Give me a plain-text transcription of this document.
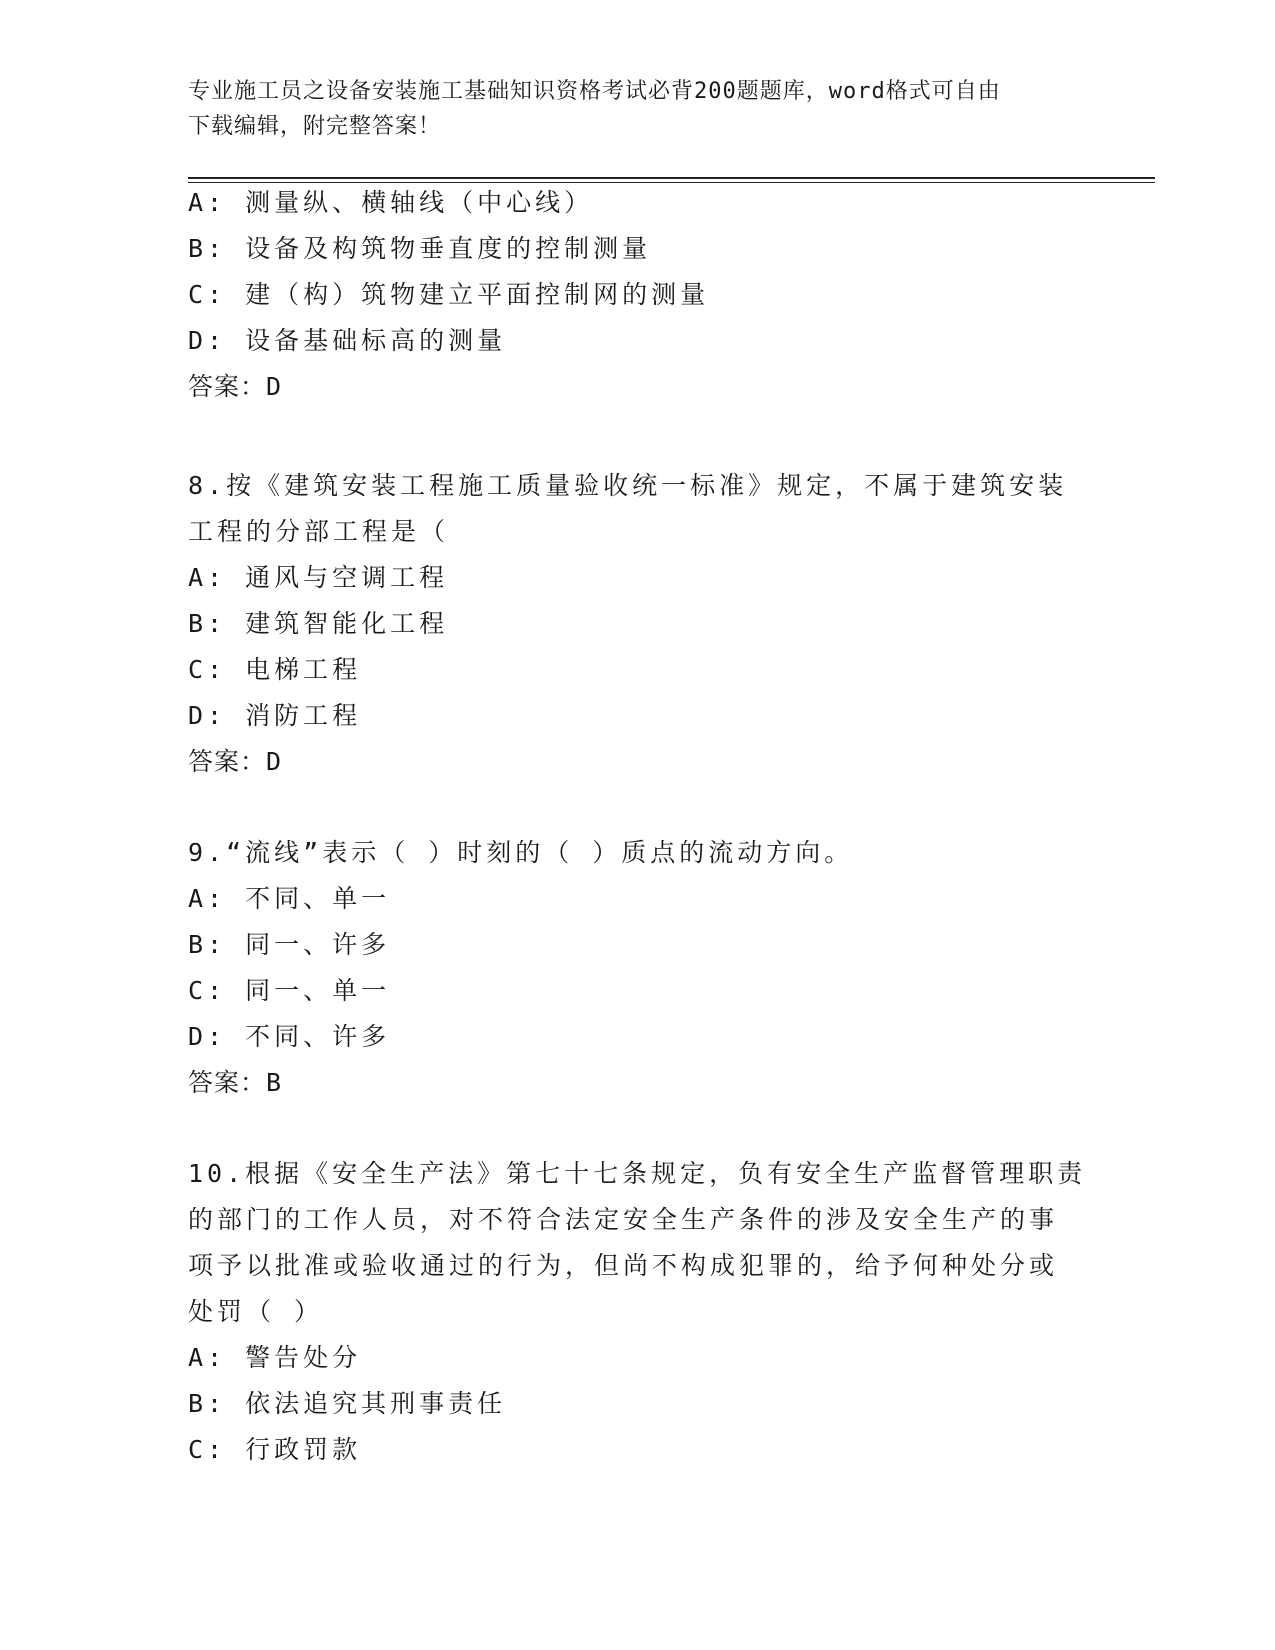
专业施工员之设备安装施工基础知识资格考试必背200题题库，word格式可自由
下载编辑，附完整答案！
A: 测量纵、横轴线（中心线）
B: 设备及构筑物垂直度的控制测量
C: 建（构）筑物建立平面控制网的测量
D: 设备基础标高的测量
答案：D
8.按《建筑安装工程施工质量验收统一标准》规定，不属于建筑安装
工程的分部工程是（
A: 通风与空调工程
B: 建筑智能化工程
C: 电梯工程
D: 消防工程
答案：D
9.“流线”表示（ ）时刻的（ ）质点的流动方向。
A: 不同、单一
B: 同一、许多
C: 同一、单一
D: 不同、许多
答案：B
10.根据《安全生产法》第七十七条规定，负有安全生产监督管理职责
的部门的工作人员，对不符合法定安全生产条件的涉及安全生产的事
项予以批准或验收通过的行为，但尚不构成犯罪的，给予何种处分或
处罚（ ）
A: 警告处分
B: 依法追究其刑事责任
C: 行政罚款
